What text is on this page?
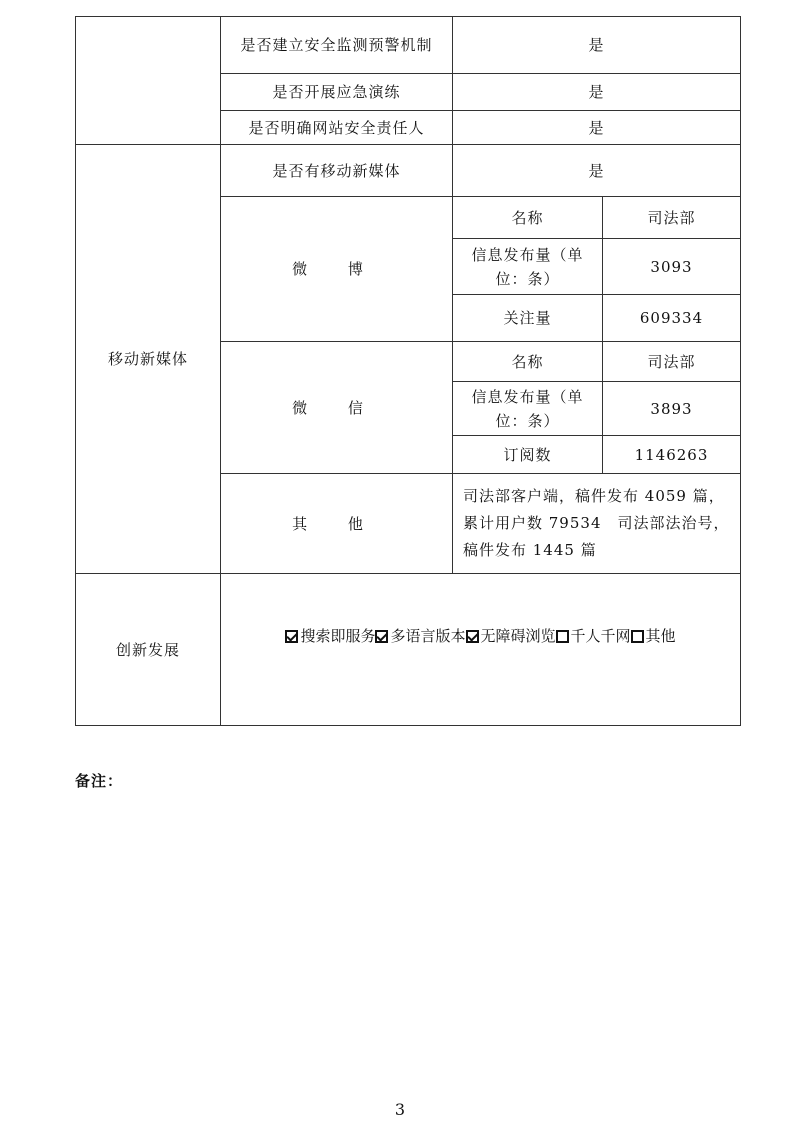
	是否建立安全监测预警机制	是	
	是否开展应急演练	是	
	是否明确网站安全责任人	是	
移动新媒体	是否有移动新媒体	是	
	微 博	名称	司法部
		信息发布量（单位：条）	3093
		关注量	609334
	微 信	名称	司法部
		信息发布量（单位：条）	3893
		订阅数	1146263
	其 他	司法部客户端，稿件发布 4059 篇，累计用户数 79534　司法部法治号，稿件发布 1445 篇	
创新发展	搜索即服务 多语言版本 无障碍浏览 千人千网 其他		
备注：
3
